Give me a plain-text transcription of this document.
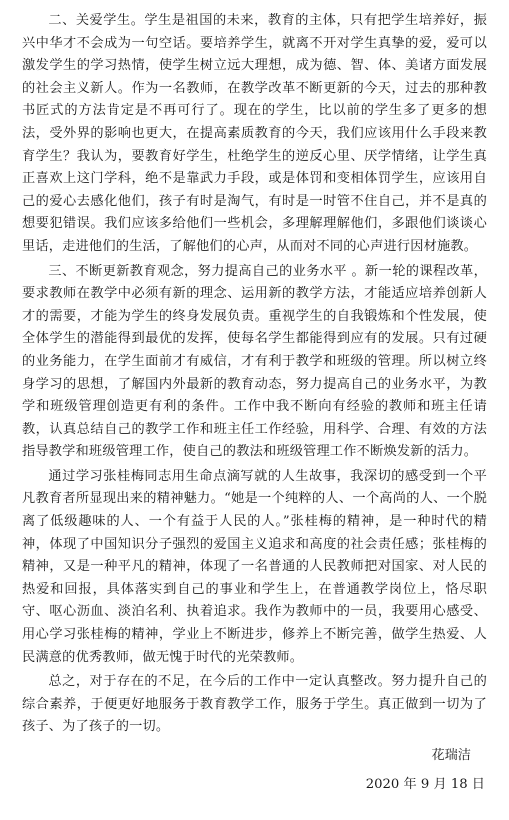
二、关爱学生。学生是祖国的未来，教育的主体，只有把学生培养好，振兴中华才不会成为一句空话。要培养学生，就离不开对学生真挚的爱，爱可以激发学生的学习热情，使学生树立远大理想，成为德、智、体、美诸方面发展的社会主义新人。作为一名教师，在教学改革不断更新的今天，过去的那种教书匠式的方法肯定是不再可行了。现在的学生，比以前的学生多了更多的想法，受外界的影响也更大，在提高素质教育的今天，我们应该用什么手段来教育学生？我认为，要教育好学生，杜绝学生的逆反心里、厌学情绪，让学生真正喜欢上这门学科，绝不是靠武力手段，或是体罚和变相体罚学生，应该用自己的爱心去感化他们，孩子有时是淘气，有时是一时管不住自己，并不是真的想要犯错误。我们应该多给他们一些机会，多理解理解他们，多跟他们谈谈心里话，走进他们的生活，了解他们的心声，从而对不同的心声进行因材施教。

三、不断更新教育观念，努力提高自己的业务水平 。新一轮的课程改革，要求教师在教学中必须有新的理念、运用新的教学方法，才能适应培养创新人才的需要，才能为学生的终身发展负责。重视学生的自我锻炼和个性发展，使全体学生的潜能得到最优的发挥，使每名学生都能得到应有的发展。只有过硬的业务能力，在学生面前才有威信，才有利于教学和班级的管理。所以树立终身学习的思想，了解国内外最新的教育动态，努力提高自己的业务水平，为教学和班级管理创造更有利的条件。工作中我不断向有经验的教师和班主任请教，认真总结自己的教学工作和班主任工作经验，用科学、合理、有效的方法指导教学和班级管理工作，使自己的教法和班级管理工作不断焕发新的活力。

通过学习张桂梅同志用生命点滴写就的人生故事，我深切的感受到一个平凡教育者所显现出来的精神魅力。“她是一个纯粹的人、一个高尚的人、一个脱离了低级趣味的人、一个有益于人民的人。”张桂梅的精神，是一种时代的精神，体现了中国知识分子强烈的爱国主义追求和高度的社会责任感；张桂梅的精神，又是一种平凡的精神，体现了一名普通的人民教师把对国家、对人民的热爱和回报，具体落实到自己的事业和学生上，在普通教学岗位上，恪尽职守、呕心沥血、淡泊名利、执着追求。我作为教师中的一员，我要用心感受、用心学习张桂梅的精神，学业上不断进步，修养上不断完善，做学生热爱、人民满意的优秀教师，做无愧于时代的光荣教师。

总之，对于存在的不足，在今后的工作中一定认真整改。努力提升自己的综合素养，于便更好地服务于教育教学工作，服务于学生。真正做到一切为了孩子、为了孩子的一切。

花瑞洁
2020 年 9 月 18 日
